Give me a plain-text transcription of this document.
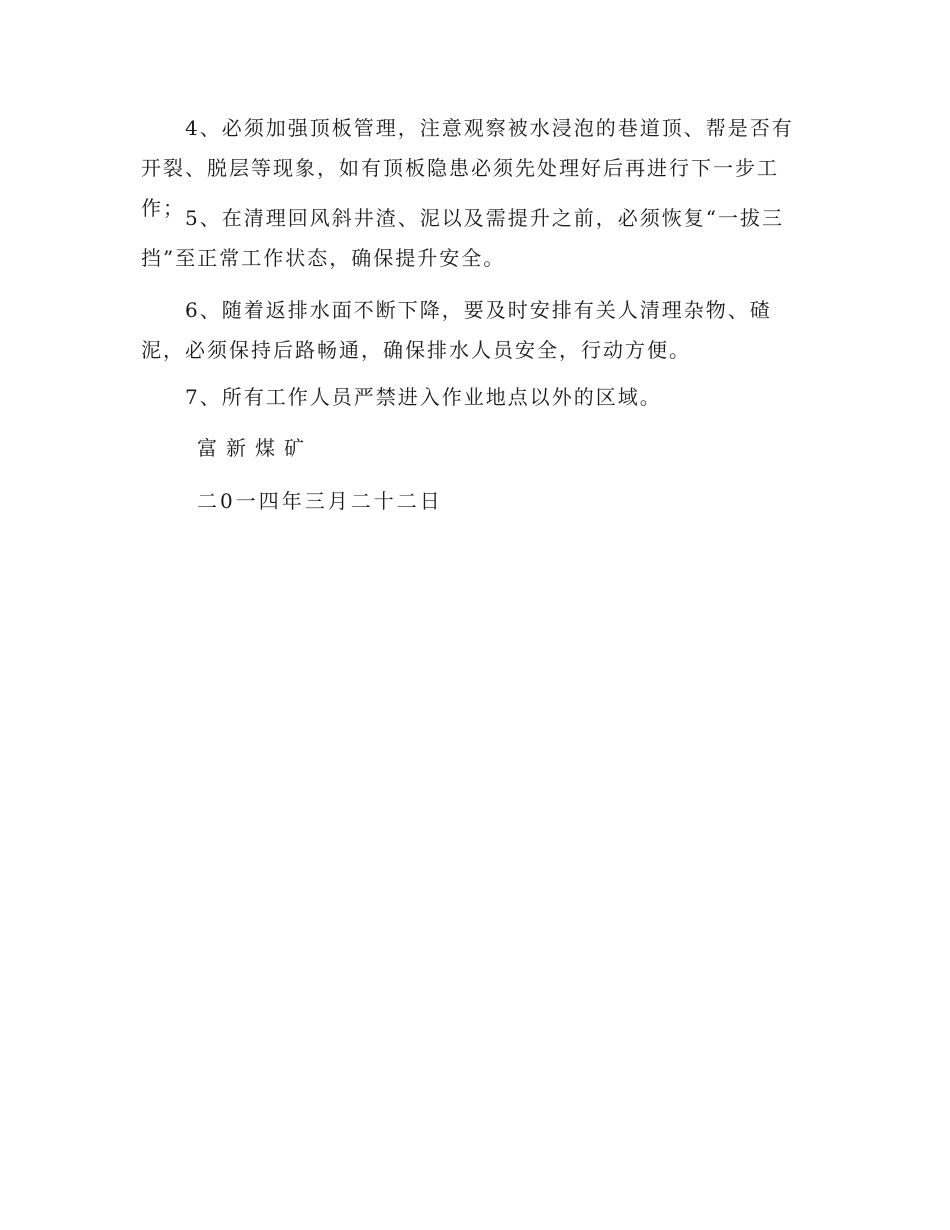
4、必须加强顶板管理，注意观察被水浸泡的巷道顶、帮是否有开裂、脱层等现象，如有顶板隐患必须先处理好后再进行下一步工作； 5、在清理回风斜井渣、泥以及需提升之前，必须恢复“一拔三挡”至正常工作状态，确保提升安全。

6、随着返排水面不断下降，要及时安排有关人清理杂物、碴泥，必须保持后路畅通，确保排水人员安全，行动方便。

7、所有工作人员严禁进入作业地点以外的区域。

富新煤矿

二0一四年三月二十二日
